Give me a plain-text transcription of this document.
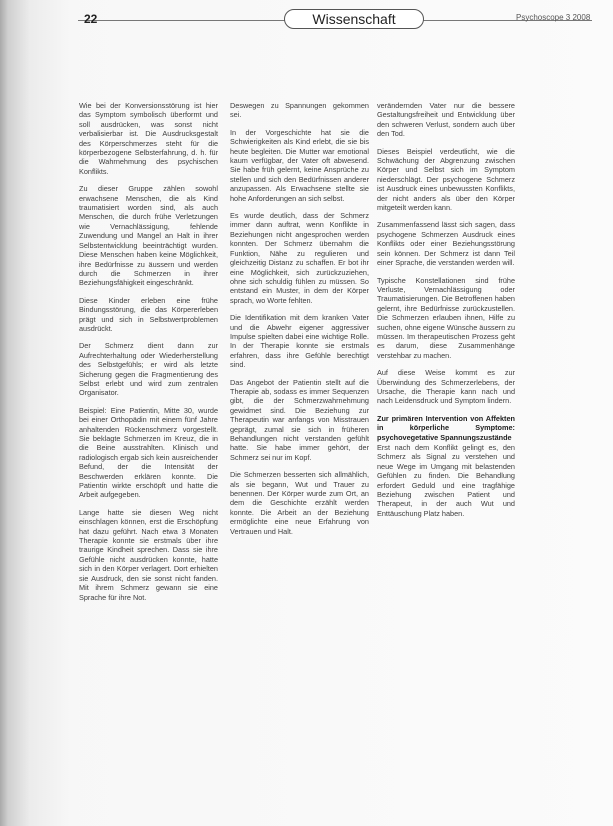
22	Wissenschaft	Psychoscope 3 2008

Wie bei der Konversionsstörung ist hier das Symptom symbolisch überformt und soll ausdrücken, was sonst nicht verbalisierbar ist. Die Ausdrucksgestalt des Körperschmerzes steht für die körperbezogene Selbsterfahrung, d. h. für die Wahrnehmung des psychischen Konflikts.

Zu dieser Gruppe zählen sowohl erwachsene Menschen, die als Kind traumatisiert worden sind, als auch Menschen, die durch frühe Verletzungen wie Vernachlässigung, fehlende Zuwendung und Mangel an Halt in ihrer Selbstentwicklung beeinträchtigt wurden. Diese Menschen haben keine Möglichkeit, ihre Bedürfnisse zu äussern und werden durch die Schmerzen in ihrer Beziehungsfähigkeit eingeschränkt.

Diese Kinder erleben eine frühe Bindungsstörung, die das Körpererleben prägt und sich in Selbstwertproblemen ausdrückt.

Der Schmerz dient dann zur Aufrechterhaltung oder Wiederherstellung des Selbstgefühls; er wird als letzte Sicherung gegen die Fragmentierung des Selbst erlebt und wird zum zentralen Organisator.

Beispiel: Eine Patientin, Mitte 30, wurde bei einer Orthopädin mit einem fünf Jahre anhaltenden Rückenschmerz vorgestellt. Sie beklagte Schmerzen im Kreuz, die in die Beine ausstrahlten. Klinisch und radiologisch ergab sich kein ausreichender Befund, der die Intensität der Beschwerden erklären konnte. Die Patientin wirkte erschöpft und hatte die Arbeit aufgegeben.

Lange hatte sie diesen Weg nicht einschlagen können, erst die Erschöpfung hat dazu geführt. Nach etwa 3 Monaten Therapie konnte sie erstmals über ihre traurige Kindheit sprechen. Dass sie ihre Gefühle nicht ausdrücken konnte, hatte sich in den Körper verlagert. Dort erhielten sie Ausdruck, den sie sonst nicht fanden. Mit ihrem Schmerz gewann sie eine Sprache für ihre Not.

Deswegen zu Spannungen gekommen sei.

In der Vorgeschichte hat sie die Schwierigkeiten als Kind erlebt, die sie bis heute begleiten. Die Mutter war emotional kaum verfügbar, der Vater oft abwesend. Sie habe früh gelernt, keine Ansprüche zu stellen und sich den Bedürfnissen anderer anzupassen. Als Erwachsene stellte sie hohe Anforderungen an sich selbst.

Es wurde deutlich, dass der Schmerz immer dann auftrat, wenn Konflikte in Beziehungen nicht angesprochen werden konnten. Der Schmerz übernahm die Funktion, Nähe zu regulieren und gleichzeitig Distanz zu schaffen. Er bot ihr eine Möglichkeit, sich zurückzuziehen, ohne sich schuldig fühlen zu müssen. So entstand ein Muster, in dem der Körper sprach, wo Worte fehlten.

Die Identifikation mit dem kranken Vater und die Abwehr eigener aggressiver Impulse spielten dabei eine wichtige Rolle. In der Therapie konnte sie erstmals erfahren, dass ihre Gefühle berechtigt sind.

Das Angebot der Patientin stellt auf die Therapie ab, sodass es immer Sequenzen gibt, die der Schmerzwahrnehmung gewidmet sind. Die Beziehung zur Therapeutin war anfangs von Misstrauen geprägt, zumal sie sich in früheren Behandlungen nicht verstanden gefühlt hatte. Sie habe immer gehört, der Schmerz sei nur im Kopf.

Die Schmerzen besserten sich allmählich, als sie begann, Wut und Trauer zu benennen. Der Körper wurde zum Ort, an dem die Geschichte erzählt werden konnte. Die Arbeit an der Beziehung ermöglichte eine neue Erfahrung von Vertrauen und Halt.

verändernden Vater nur die bessere Gestaltungsfreiheit und Entwicklung über den schweren Verlust, sondern auch über den Tod.

Dieses Beispiel verdeutlicht, wie die Schwächung der Abgrenzung zwischen Körper und Selbst sich im Symptom niederschlägt. Der psychogene Schmerz ist Ausdruck eines unbewussten Konflikts, der nicht anders als über den Körper mitgeteilt werden kann.

Zusammenfassend lässt sich sagen, dass psychogene Schmerzen Ausdruck eines Konflikts oder einer Beziehungsstörung sein können. Der Schmerz ist dann Teil einer Sprache, die verstanden werden will.

Typische Konstellationen sind frühe Verluste, Vernachlässigung oder Traumatisierungen. Die Betroffenen haben gelernt, ihre Bedürfnisse zurückzustellen. Die Schmerzen erlauben ihnen, Hilfe zu suchen, ohne eigene Wünsche äussern zu müssen. Im therapeutischen Prozess geht es darum, diese Zusammenhänge verstehbar zu machen.

Auf diese Weise kommt es zur Überwindung des Schmerzerlebens, der Ursache, die Therapie kann nach und nach Leidensdruck und Symptom lindern.

Zur primären Intervention von Affekten in körperliche Symptome: psychovegetative Spannungszustände

Erst nach dem Konflikt gelingt es, den Schmerz als Signal zu verstehen und neue Wege im Umgang mit belastenden Gefühlen zu finden. Die Behandlung erfordert Geduld und eine tragfähige Beziehung zwischen Patient und Therapeut, in der auch Wut und Enttäuschung Platz haben.
